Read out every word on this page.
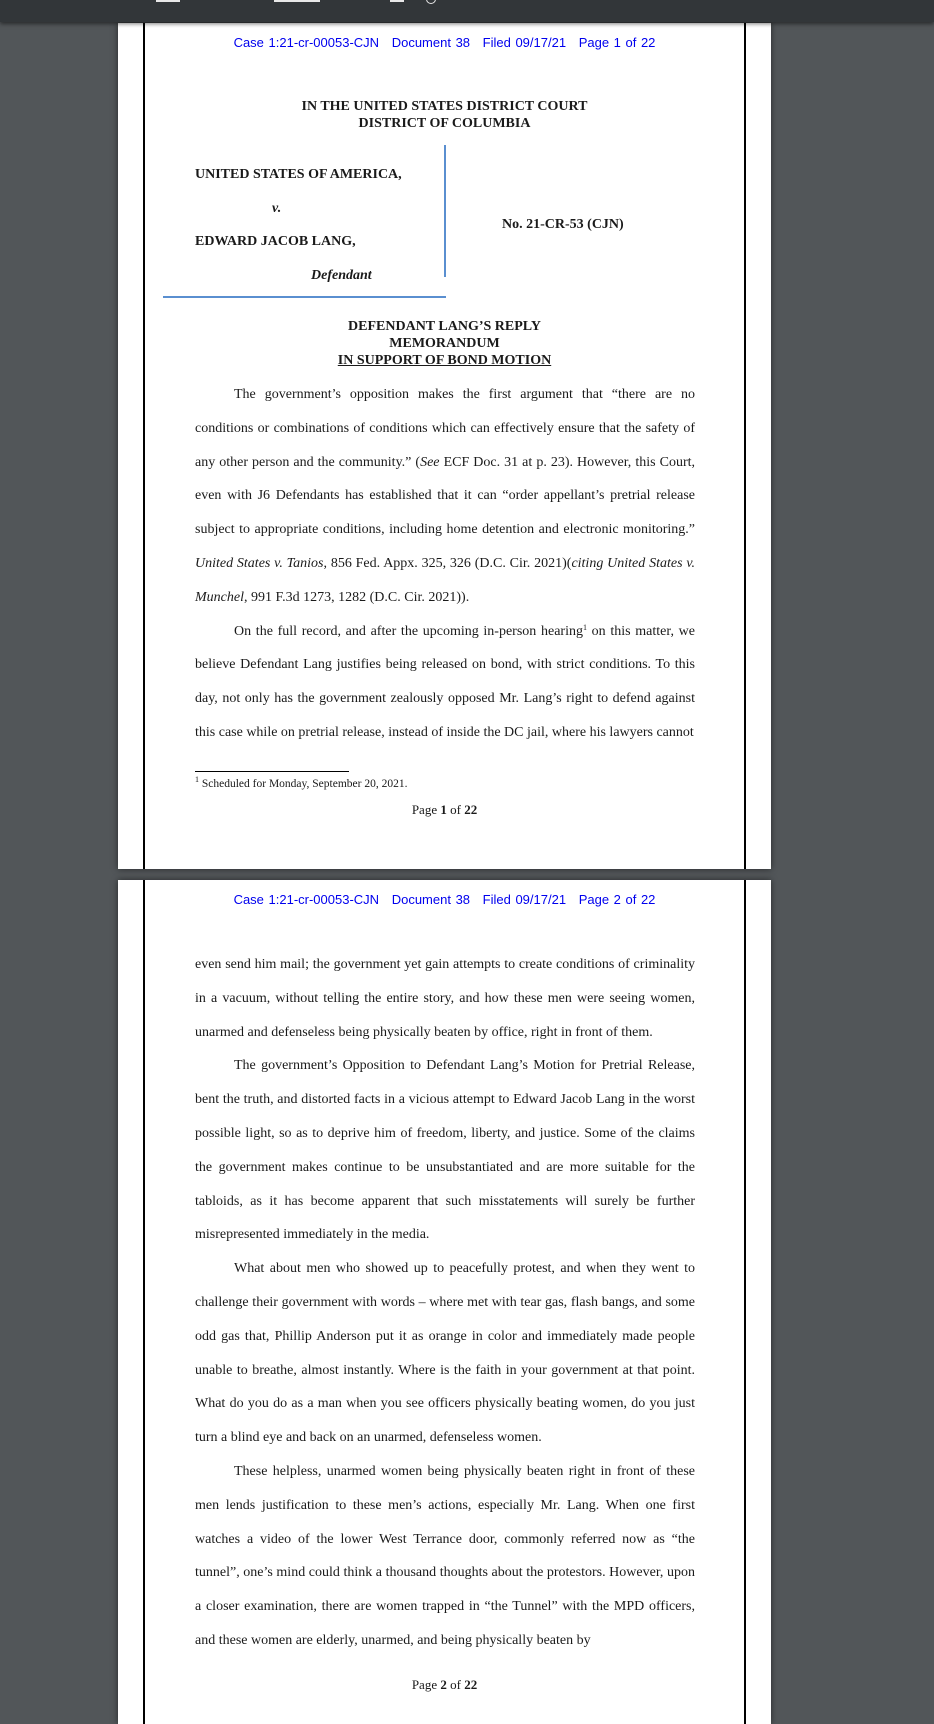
Case 1:21-cr-00053-CJN Document 38 Filed 09/17/21 Page 1 of 22
IN THE UNITED STATES DISTRICT COURT
DISTRICT OF COLUMBIA
UNITED STATES OF AMERICA,
v.
EDWARD JACOB LANG,
Defendant
No. 21-CR-53 (CJN)
DEFENDANT LANG’S REPLY
MEMORANDUM
IN SUPPORT OF BOND MOTION

The government’s opposition makes the first argument that “there are no conditions or combinations of conditions which can effectively ensure that the safety of any other person and the community.” (See ECF Doc. 31 at p. 23). However, this Court, even with J6 Defendants has established that it can “order appellant’s pretrial release subject to appropriate conditions, including home detention and electronic monitoring.” United States v. Tanios, 856 Fed. Appx. 325, 326 (D.C. Cir. 2021)(citing United States v. Munchel, 991 F.3d 1273, 1282 (D.C. Cir. 2021)).

On the full record, and after the upcoming in-person hearing$^1$ on this matter, we believe Defendant Lang justifies being released on bond, with strict conditions. To this day, not only has the government zealously opposed Mr. Lang’s right to defend against this case while on pretrial release, instead of inside the DC jail, where his lawyers cannot

$^1$ Scheduled for Monday, September 20, 2021.
Page 1 of 22
Case 1:21-cr-00053-CJN Document 38 Filed 09/17/21 Page 2 of 22

even send him mail; the government yet gain attempts to create conditions of criminality in a vacuum, without telling the entire story, and how these men were seeing women, unarmed and defenseless being physically beaten by office, right in front of them.

The government’s Opposition to Defendant Lang’s Motion for Pretrial Release, bent the truth, and distorted facts in a vicious attempt to Edward Jacob Lang in the worst possible light, so as to deprive him of freedom, liberty, and justice. Some of the claims the government makes continue to be unsubstantiated and are more suitable for the tabloids, as it has become apparent that such misstatements will surely be further misrepresented immediately in the media.

What about men who showed up to peacefully protest, and when they went to challenge their government with words – where met with tear gas, flash bangs, and some odd gas that, Phillip Anderson put it as orange in color and immediately made people unable to breathe, almost instantly. Where is the faith in your government at that point. What do you do as a man when you see officers physically beating women, do you just turn a blind eye and back on an unarmed, defenseless women.

These helpless, unarmed women being physically beaten right in front of these men lends justification to these men’s actions, especially Mr. Lang. When one first watches a video of the lower West Terrance door, commonly referred now as “the tunnel”, one’s mind could think a thousand thoughts about the protestors. However, upon a closer examination, there are women trapped in “the Tunnel” with the MPD officers, and these women are elderly, unarmed, and being physically beaten by

Page 2 of 22
